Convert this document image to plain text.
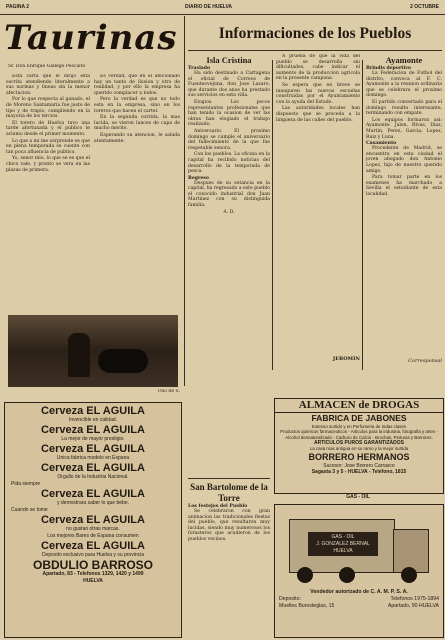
PAGINA 2	DIARIO DE HUELVA	2 OCTUBRE
Taurinas
Sr. Don Enrique Gallego Pescaito

Esta carta que le dirijo esta escrita atendiendo literalmente a sus normas y lineas sin la menor afectacion.

Por lo que respecta al ganado, el de Moreno Santamaria fue justo de tipo y de trapio, cumpliendo en la mayoria de los tercios.

El torero de Huelva tuvo una tarde afortunada y el publico le aclamo desde el primer momento.

Lo que a mi me sorprende es que en plena temporada se cuente con tan poca afluencia de publico.

Yo, senor mio, lo que se es que el chico vale, y pronto se vera en las plazas de primera.

Es verdad, que en el afecionado hay un tanto de ilusion y otro de realidad, y por ello la empresa ha querido complacer a todos.

Pero la verdad es que no todo esta en la empresa, sino en los toreros que hacen el cartel.

En la segunda corrida, la mas lucida, se vieron lances de capa de mucho merito.

Esperando su atencion, le saluda atentamente.

Uno de S.
Informaciones de los Pueblos
Isla Cristina
Traslado

Ha sido destinado a Cartagena el oficial de Correos de Fuenteovejuna, don Jose Lazaro, que durante dos anos ha prestado sus servicios en esta villa.

Elogios. Los pocos representantes profesionales que han tenido la ocasion de ver las obras han elogiado el trabajo realizado.

Aniversario. El proximo domingo se cumple el aniversario del fallecimiento de la que fue respetable senora.

Con los pueblos. La oficina en la capital ha recibido noticias del desarrollo de la temporada de pesca.

Regreso

Despues de su estancia en la capital, ha regresado a este pueblo el conocido industrial don Juan Martinez con su distinguida familia.

A. D.

A prueba de que la vida del pueblo se desarrolla sin dificultades, cabe indicar el aumento de la produccion agricola en la presente campana.

Se espera que en breve se inauguren las nuevas escuelas construidas por el Ayuntamiento con la ayuda del Estado.

Las autoridades locales han dispuesto que se proceda a la limpieza de las calles del pueblo.

JEROMIN
Ayamonte
Brindis deportivo

La Federacion de Futbol del distrito, convoca al F. C. Ayamonte a la reunion ordinaria que se celebrara el proximo domingo.

El partido concertado para el domingo resulto interesante, terminando con empate.

Los equipos formaron asi: Ayamonte: Jalon, Rivas, Diaz, Martin, Perez, Garcia, Lopez, Ruiz y Luna.

Casamiento

Procedente de Madrid, se encuentra en esta ciudad el joven abogado don Antonio Lopez, hijo de nuestro querido amigo.

Para tomar parte en los examenes ha marchado a Sevilla el estudiante de esta localidad.

Corresponsal
San Bartolome de la Torre
Los festejos del Pueblo

Se celebraron con gran animacion las tradicionales fiestas del pueblo, que resultaron muy lucidas, siendo muy numerosos los forasteros que acudieron de los pueblos vecinos.

Cerveza EL AGUILA
Invencible en calidad.
Cerveza EL AGUILA
La mejor de mayor prestigio.
Cerveza EL AGUILA
Unica fabrica modelo en Espana
Cerveza EL AGUILA
Orgullo de la Industria Nacional.
Pida siempre
Cerveza EL AGUILA
y demostrara saber lo que bebe.
Cuando se tome
Cerveza EL AGUILA
no gustan otras marcas.
Los mejores Bares de Espana consumen
Cerveza EL AGUILA
Deposito exclusivo para Huelva y su provincia
OBDULIO BARROSO
Apartado, 83 - Telefonos 1329, 1420 y 1499
HUELVA
ALMACEN de DROGAS
FABRICA DE JABONES
Extenso surtido y en Perfumeria de todas clases
Productos quimicos farmaceuticos - Articulos para la industria, fotografia y artes - Alcohol desnaturalizado - Carburo de Calcio - Brochas, Pinturas y Barnices.
ARTICULOS PUROS GARANTIZADOS
La casa mas antigua en su ramo y la mejor surtida
BORRERO HERMANOS
Sucesor: Jose Borrero Carrasco
Sagasta 3 y 5 - HUELVA - Telefono, 1815
GAS - OIL
GAS - OIL
J. GONZALEZ BERNAL
HUELVA
Vendedor autorizado de C. A. M. P. S. A.
Deposito:	Telefonos 1975-1894
Muelles Burosteglas, 15	Apartado, 90 HUELVA
